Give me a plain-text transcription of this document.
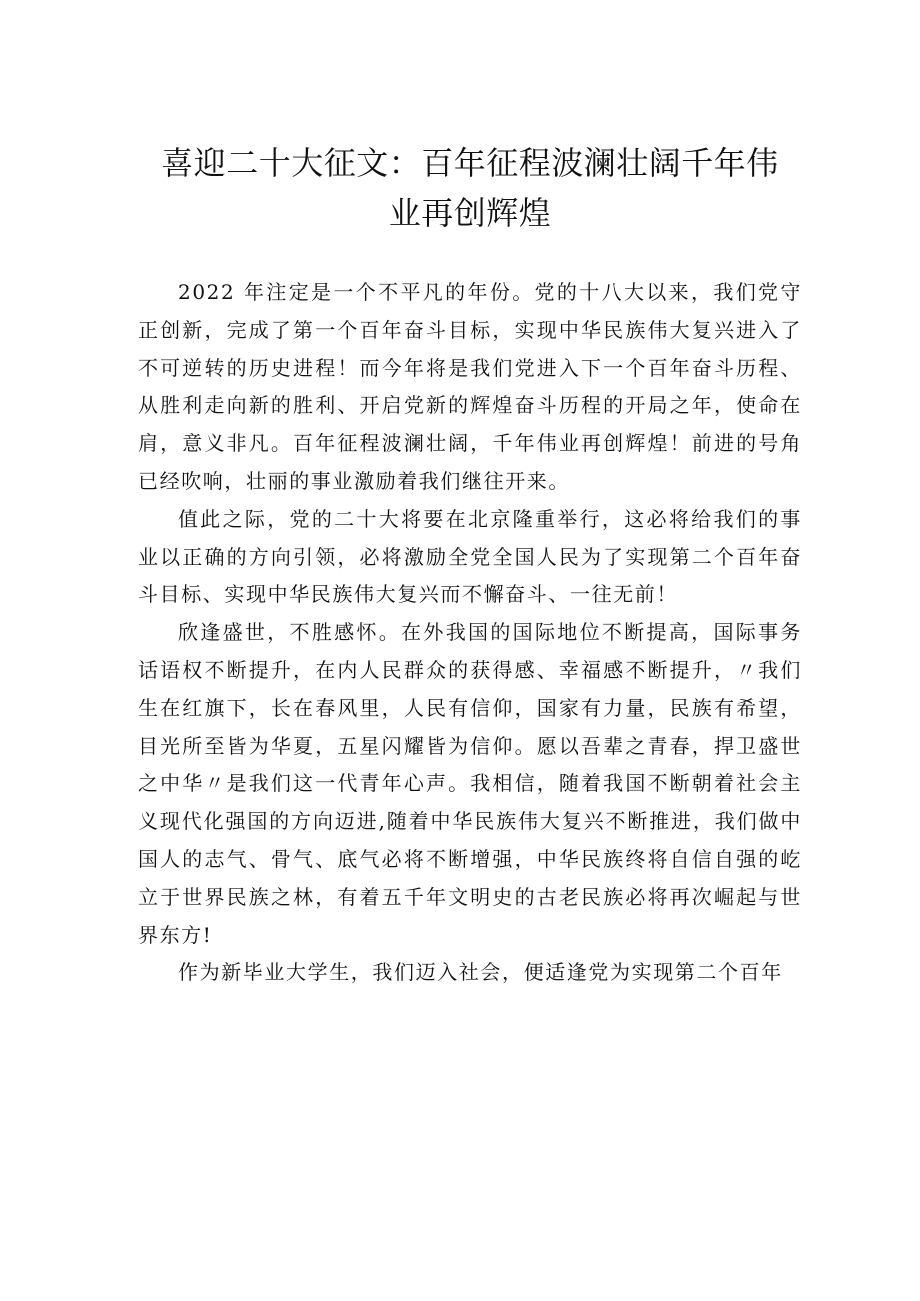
喜迎二十大征文：百年征程波澜壮阔千年伟
业再创辉煌

2022 年注定是一个不平凡的年份。党的十八大以来，我们党守正创新，完成了第一个百年奋斗目标，实现中华民族伟大复兴进入了不可逆转的历史进程！而今年将是我们党进入下一个百年奋斗历程、从胜利走向新的胜利、开启党新的辉煌奋斗历程的开局之年，使命在肩，意义非凡。百年征程波澜壮阔，千年伟业再创辉煌！前进的号角已经吹响，壮丽的事业激励着我们继往开来。

值此之际，党的二十大将要在北京隆重举行，这必将给我们的事业以正确的方向引领，必将激励全党全国人民为了实现第二个百年奋斗目标、实现中华民族伟大复兴而不懈奋斗、一往无前！

欣逢盛世，不胜感怀。在外我国的国际地位不断提高，国际事务话语权不断提升，在内人民群众的获得感、幸福感不断提升，〃我们生在红旗下，长在春风里，人民有信仰，国家有力量，民族有希望，目光所至皆为华夏，五星闪耀皆为信仰。愿以吾辈之青春，捍卫盛世之中华〃是我们这一代青年心声。我相信，随着我国不断朝着社会主义现代化强国的方向迈进,随着中华民族伟大复兴不断推进，我们做中国人的志气、骨气、底气必将不断增强，中华民族终将自信自强的屹立于世界民族之林，有着五千年文明史的古老民族必将再次崛起与世界东方!

作为新毕业大学生，我们迈入社会，便适逢党为实现第二个百年
